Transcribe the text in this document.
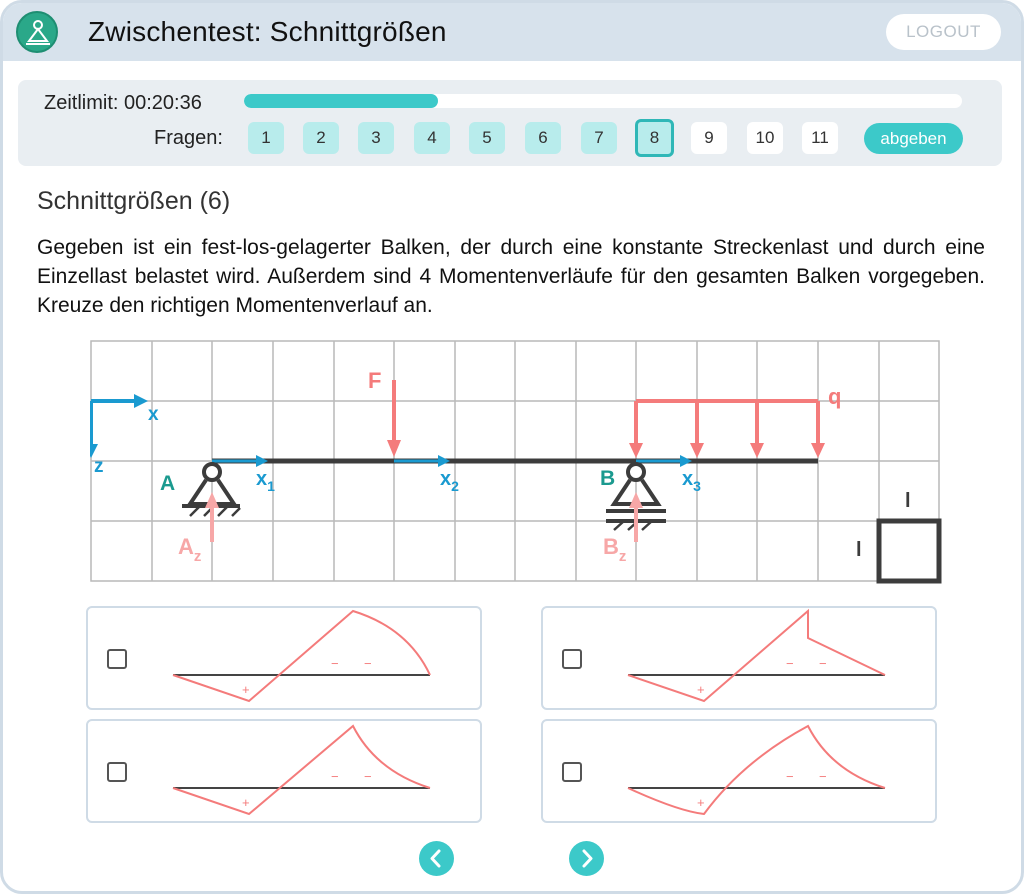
Zwischentest: Schnittgrößen	LOGOUT
Zeitlimit: 00:20:36
Fragen:	1	2	3	4	5	6	7	8	9	10	11	abgeben
Schnittgrößen (6)
Gegeben ist ein fest-los-gelagerter Balken, der durch eine konstante Streckenlast und durch eine Einzellast belastet wird. Außerdem sind 4 Momentenverläufe für den gesamten Balken vorgegeben. Kreuze den richtigen Momentenverlauf an.
x
z
q
F
$x_1$	$x_2$	$x_3$
A	B
$A_z$	$B_z$
l
l
+
− −
+
− −
+
− −
+
− −
